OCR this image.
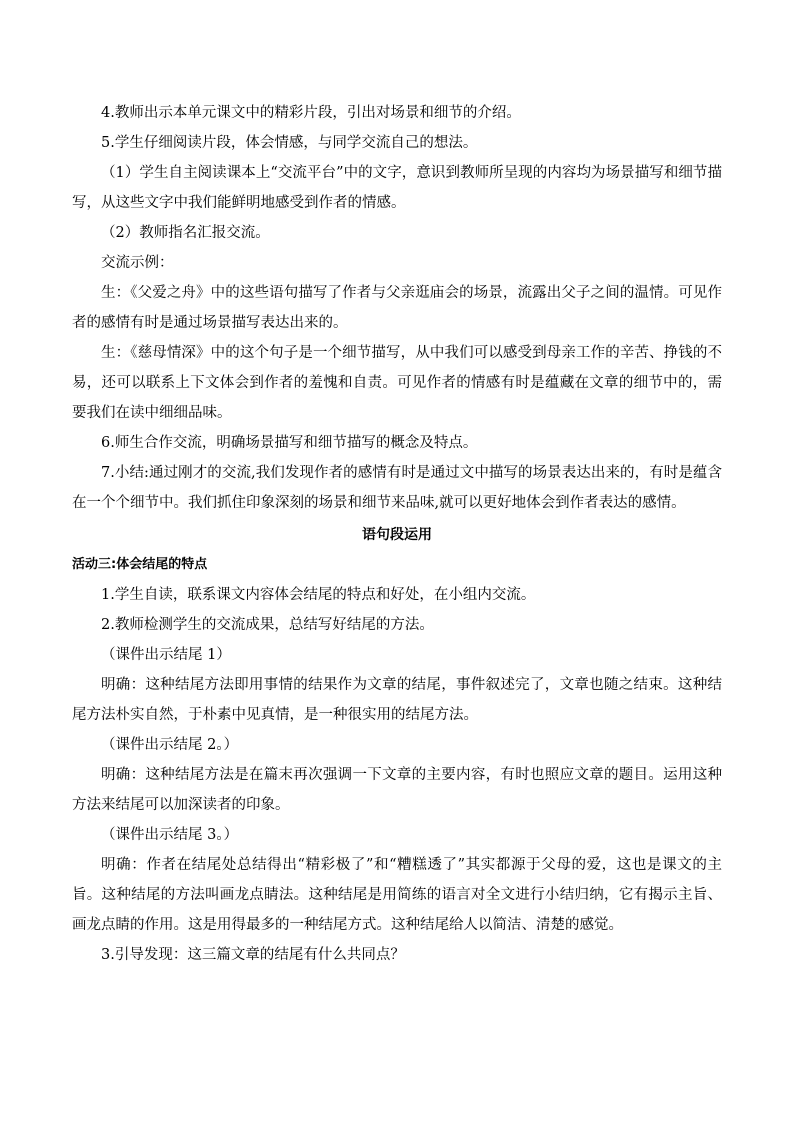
4.教师出示本单元课文中的精彩片段，引出对场景和细节的介绍。

5.学生仔细阅读片段，体会情感，与同学交流自己的想法。

（1）学生自主阅读课本上“交流平台”中的文字，意识到教师所呈现的内容均为场景描写和细节描写，从这些文字中我们能鲜明地感受到作者的情感。

（2）教师指名汇报交流。

交流示例：

生：《父爱之舟》中的这些语句描写了作者与父亲逛庙会的场景，流露出父子之间的温情。可见作者的感情有时是通过场景描写表达出来的。

生：《慈母情深》中的这个句子是一个细节描写，从中我们可以感受到母亲工作的辛苦、挣钱的不易，还可以联系上下文体会到作者的羞愧和自责。可见作者的情感有时是蕴藏在文章的细节中的，需要我们在读中细细品味。

6.师生合作交流，明确场景描写和细节描写的概念及特点。

7.小结:通过刚才的交流,我们发现作者的感情有时是通过文中描写的场景表达出来的，有时是蕴含在一个个细节中。我们抓住印象深刻的场景和细节来品味,就可以更好地体会到作者表达的感情。

语句段运用

活动三:体会结尾的特点

1.学生自读，联系课文内容体会结尾的特点和好处，在小组内交流。

2.教师检测学生的交流成果，总结写好结尾的方法。

（课件出示结尾 1）

明确：这种结尾方法即用事情的结果作为文章的结尾，事件叙述完了，文章也随之结束。这种结尾方法朴实自然，于朴素中见真情，是一种很实用的结尾方法。

（课件出示结尾 2。）

明确：这种结尾方法是在篇末再次强调一下文章的主要内容，有时也照应文章的题目。运用这种方法来结尾可以加深读者的印象。

（课件出示结尾 3。）

明确：作者在结尾处总结得出“精彩极了”和“糟糕透了”其实都源于父母的爱，这也是课文的主旨。这种结尾的方法叫画龙点睛法。这种结尾是用简练的语言对全文进行小结归纳，它有揭示主旨、画龙点睛的作用。这是用得最多的一种结尾方式。这种结尾给人以简洁、清楚的感觉。

3.引导发现：这三篇文章的结尾有什么共同点？
